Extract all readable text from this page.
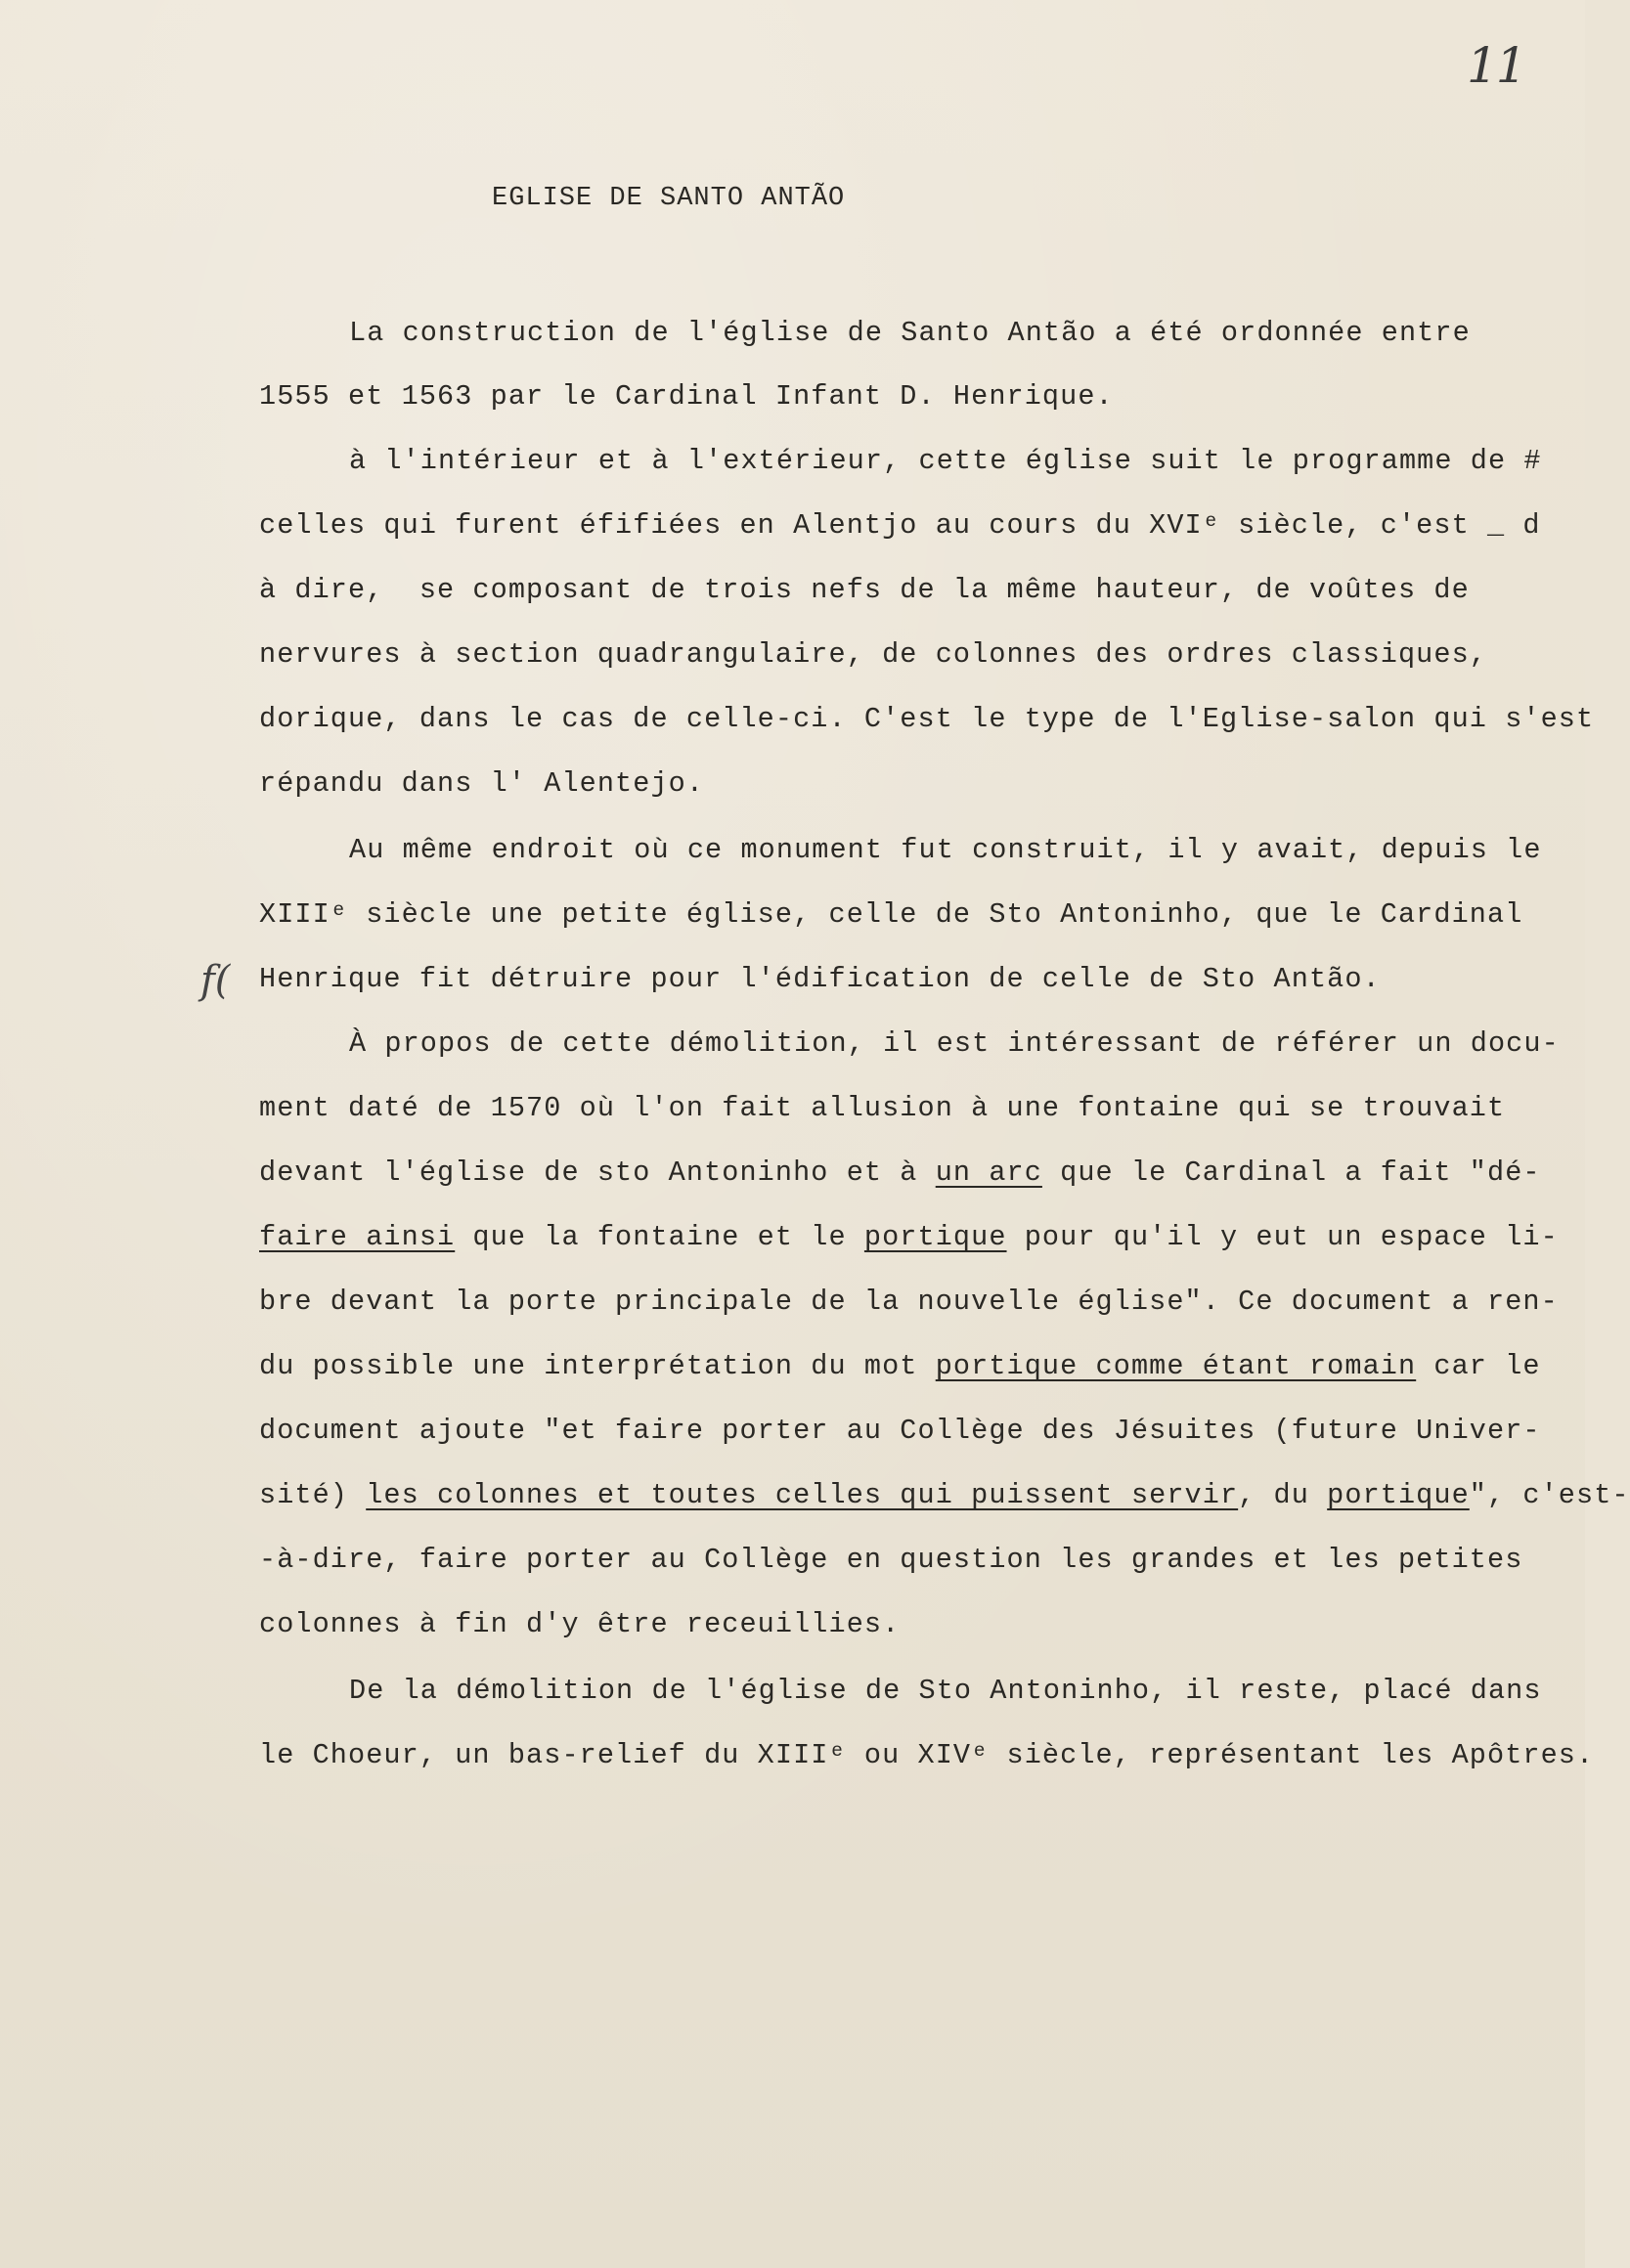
11
EGLISE DE SANTO ANTÃO
f(
La construction de l'église de Santo Antão a été ordonnée entre
1555 et 1563 par le Cardinal Infant D. Henrique.
à l'intérieur et à l'extérieur, cette église suit le programme de #
celles qui furent éfifiées en Alentjo au cours du XVIᵉ siècle, c'est _ d
à dire,  se composant de trois nefs de la même hauteur, de voûtes de
nervures à section quadrangulaire, de colonnes des ordres classiques,
dorique, dans le cas de celle-ci. C'est le type de l'Eglise-salon qui s'est
répandu dans l' Alentejo.
Au même endroit où ce monument fut construit, il y avait, depuis le
XIIIᵉ siècle une petite église, celle de Sto Antoninho, que le Cardinal
Henrique fit détruire pour l'édification de celle de Sto Antão.
À propos de cette démolition, il est intéressant de référer un docu-
ment daté de 1570 où l'on fait allusion à une fontaine qui se trouvait
devant l'église de sto Antoninho et à un arc que le Cardinal a fait "dé-
faire ainsi que la fontaine et le portique pour qu'il y eut un espace li-
bre devant la porte principale de la nouvelle église". Ce document a ren-
du possible une interprétation du mot portique comme étant romain car le
document ajoute "et faire porter au Collège des Jésuites (future Univer-
sité) les colonnes et toutes celles qui puissent servir, du portique", c'est-
-à-dire, faire porter au Collège en question les grandes et les petites
colonnes à fin d'y être receuillies.
De la démolition de l'église de Sto Antoninho, il reste, placé dans
le Choeur, un bas-relief du XIIIᵉ ou XIVᵉ siècle, représentant les Apôtres.
